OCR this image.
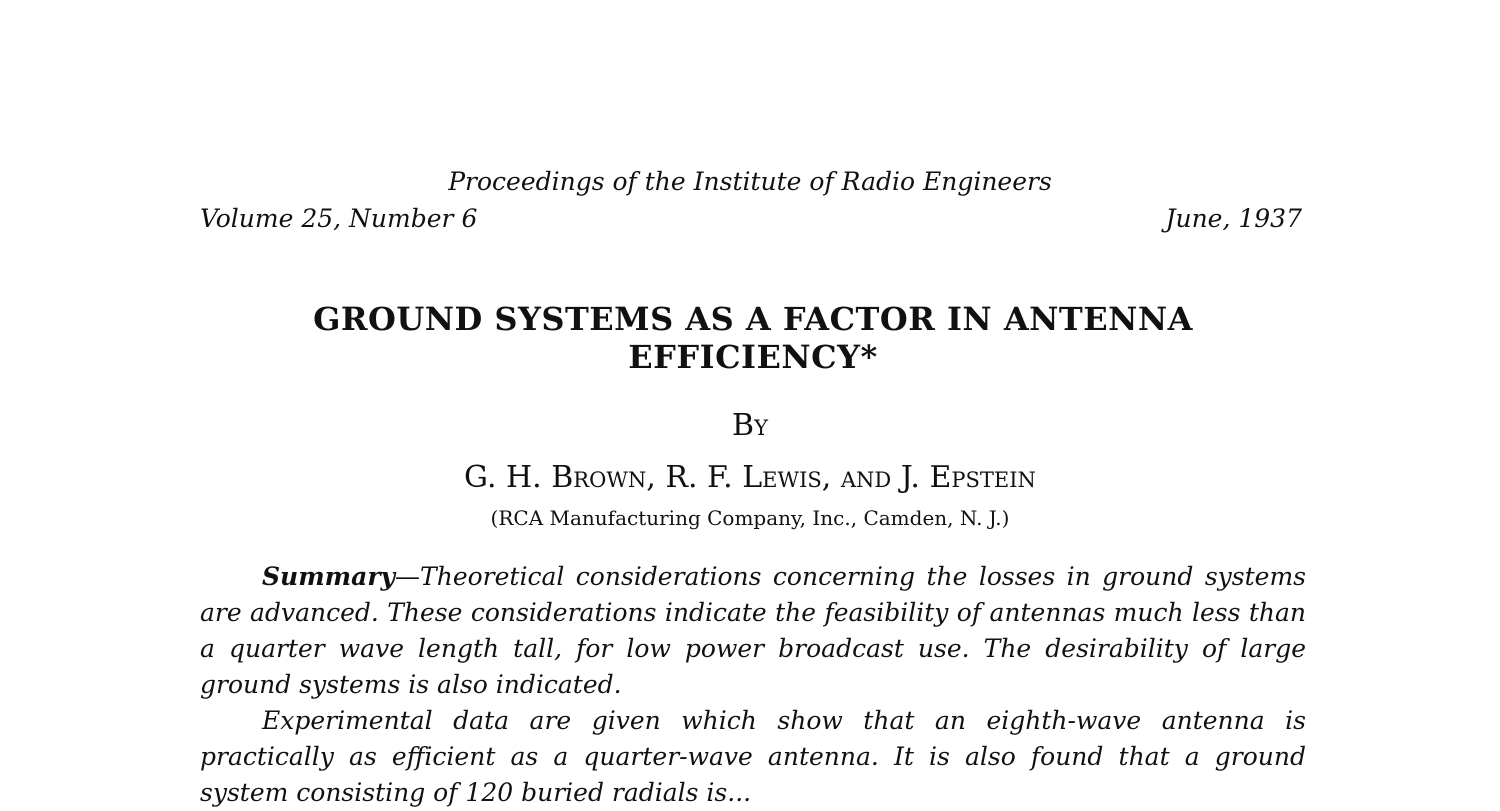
Proceedings of the Institute of Radio Engineers
Volume 25, Number 6	June, 1937
GROUND SYSTEMS AS A FACTOR IN ANTENNA EFFICIENCY*
By
G. H. Brown, R. F. Lewis, and J. Epstein
(RCA Manufacturing Company, Inc., Camden, N. J.)

Summary—Theoretical considerations concerning the losses in ground systems are advanced. These considerations indicate the feasibility of antennas much less than a quarter wave length tall, for low power broadcast use. The desirability of large ground systems is also indicated.

Experimental data are given which show that an eighth-wave antenna is practically as efficient as a quarter-wave antenna. It is also found that a ground system consisting of 120 buried radials is...
